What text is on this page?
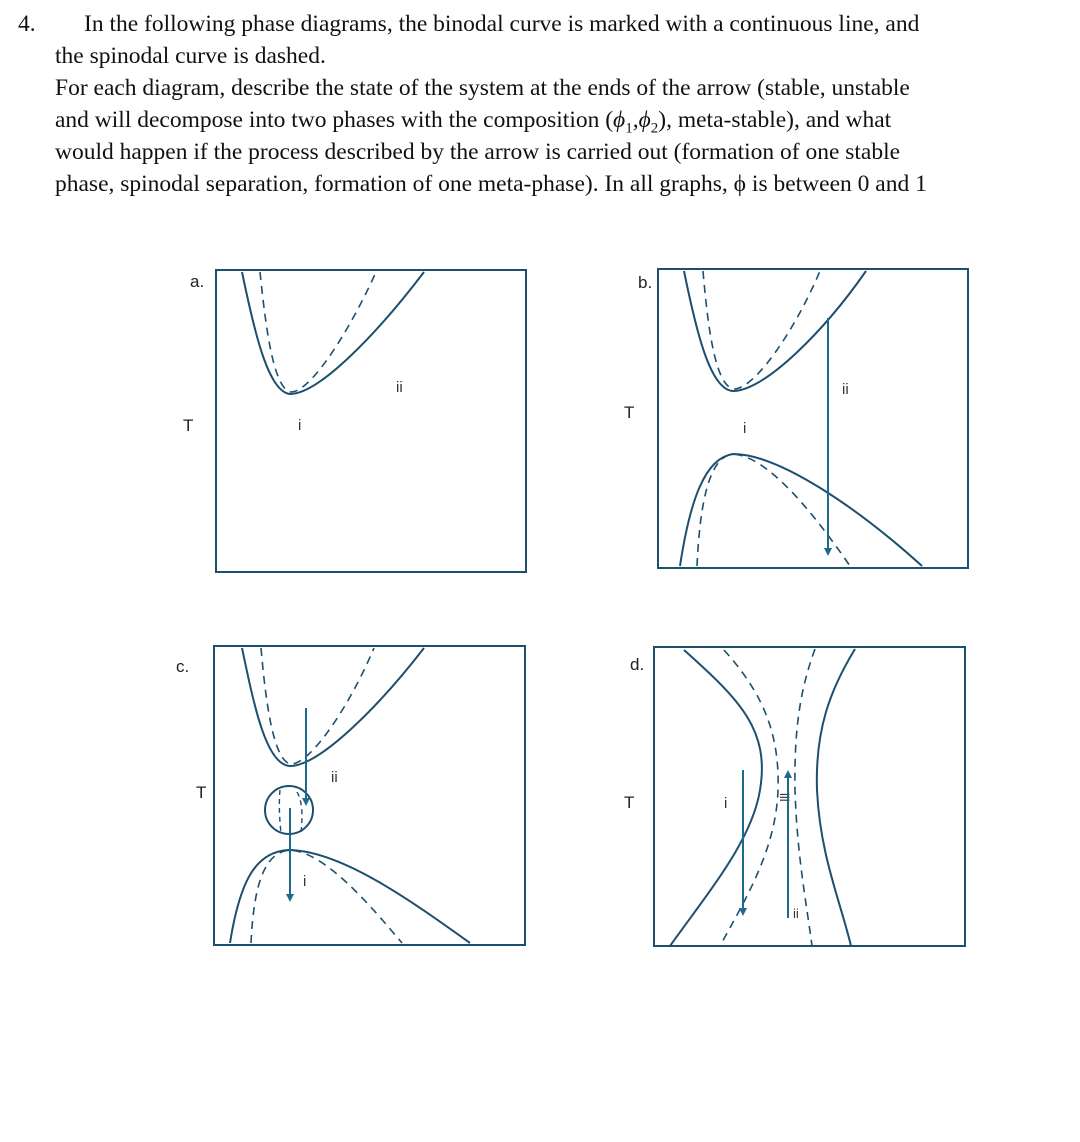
4. In the following phase diagrams, the binodal curve is marked with a continuous line, and
the spinodal curve is dashed.
For each diagram, describe the state of the system at the ends of the arrow (stable, unstable
and will decompose into two phases with the composition $(\phi_1,\phi_2)$, meta-stable), and what
would happen if the process described by the arrow is carried out (formation of one stable
phase, spinodal separation, formation of one meta-phase). In all graphs, ϕ is between 0 and 1
a.
T	i
ii
b.
T
i
ii
c.
T
i
ii
d.
T	i
ii
iii
